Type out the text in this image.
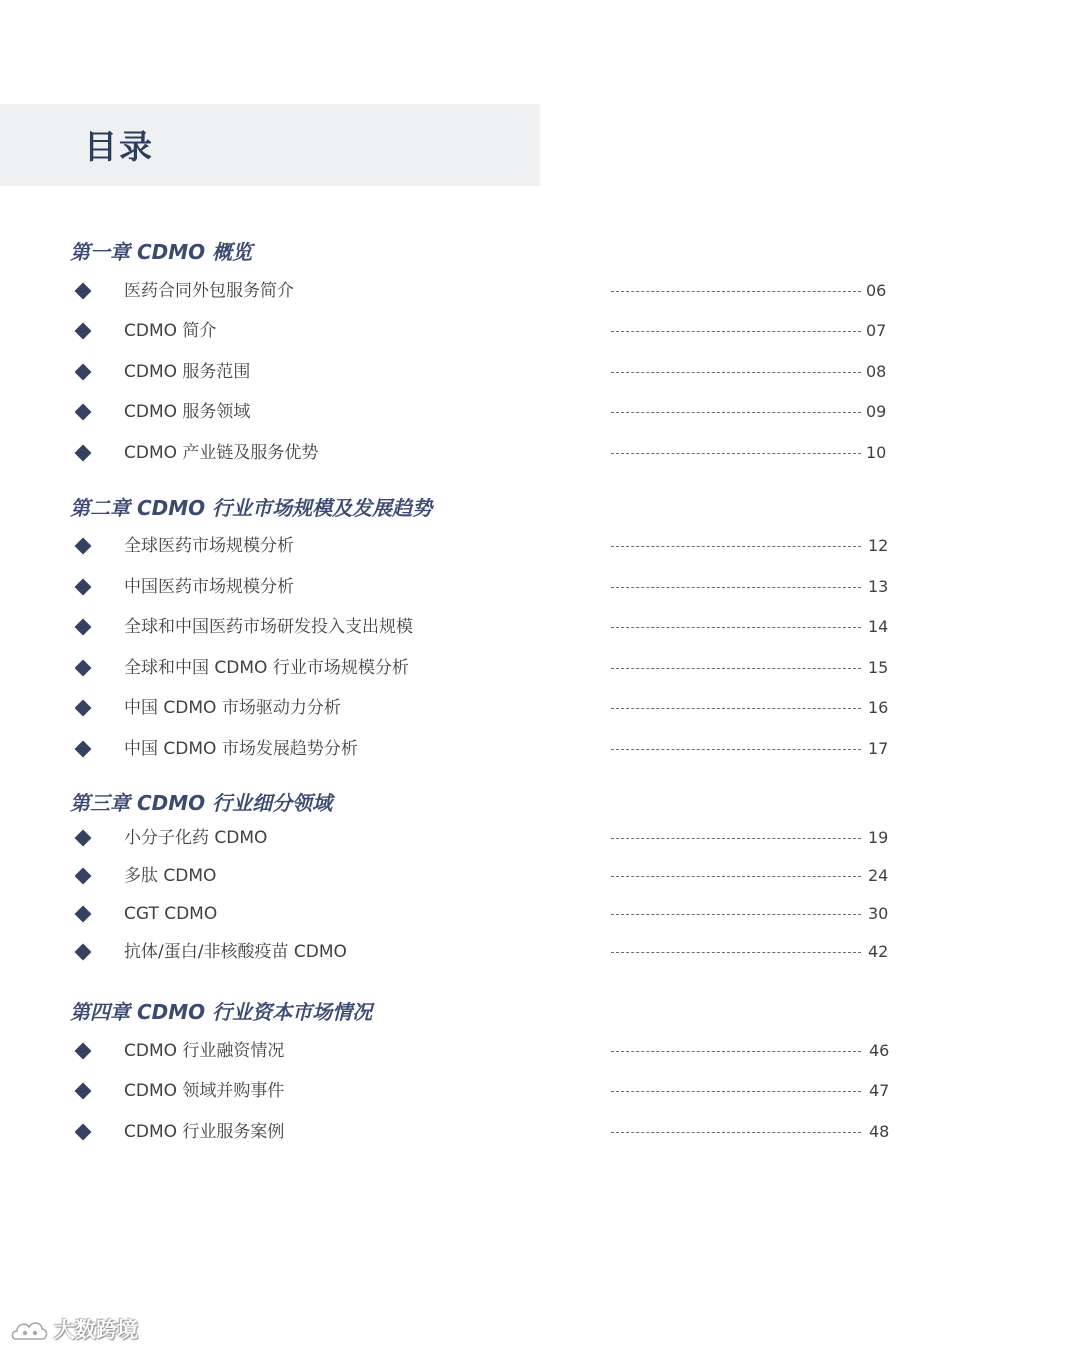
目录
第一章 CDMO 概览
医药合同外包服务简介	06
CDMO 简介	07
CDMO 服务范围	08
CDMO 服务领域	09
CDMO 产业链及服务优势	10
第二章 CDMO 行业市场规模及发展趋势
全球医药市场规模分析	12
中国医药市场规模分析	13
全球和中国医药市场研发投入支出规模	14
全球和中国 CDMO 行业市场规模分析	15
中国 CDMO 市场驱动力分析	16
中国 CDMO 市场发展趋势分析	17
第三章 CDMO 行业细分领域
小分子化药 CDMO	19
多肽 CDMO	24
CGT CDMO	30
抗体/蛋白/非核酸疫苗 CDMO	42
第四章 CDMO 行业资本市场情况
CDMO 行业融资情况	46
CDMO 领域并购事件	47
CDMO 行业服务案例	48
大数跨境
